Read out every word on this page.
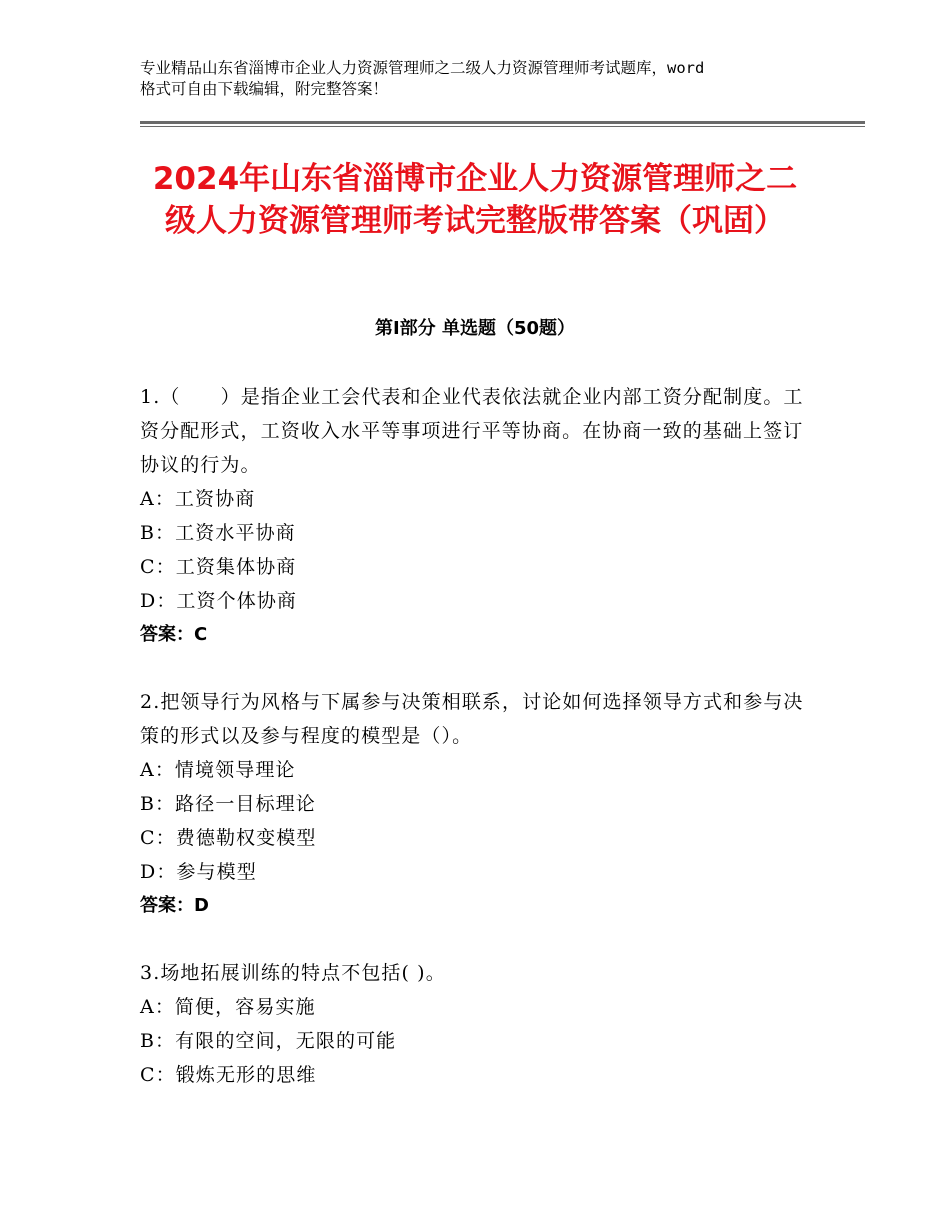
专业精品山东省淄博市企业人力资源管理师之二级人力资源管理师考试题库，word
格式可自由下载编辑，附完整答案！
2024年山东省淄博市企业人力资源管理师之二级人力资源管理师考试完整版带答案（巩固）
第Ⅰ部分 单选题（50题）

1.（　　）是指企业工会代表和企业代表依法就企业内部工资分配制度。工资分配形式，工资收入水平等事项进行平等协商。在协商一致的基础上签订协议的行为。

A：工资协商

B：工资水平协商

C：工资集体协商

D：工资个体协商

答案：C

2.把领导行为风格与下属参与决策相联系，讨论如何选择领导方式和参与决策的形式以及参与程度的模型是（）。

A：情境领导理论

B：路径一目标理论

C：费德勒权变模型

D：参与模型

答案：D

3.场地拓展训练的特点不包括( )。

A：简便，容易实施

B：有限的空间，无限的可能

C：锻炼无形的思维
